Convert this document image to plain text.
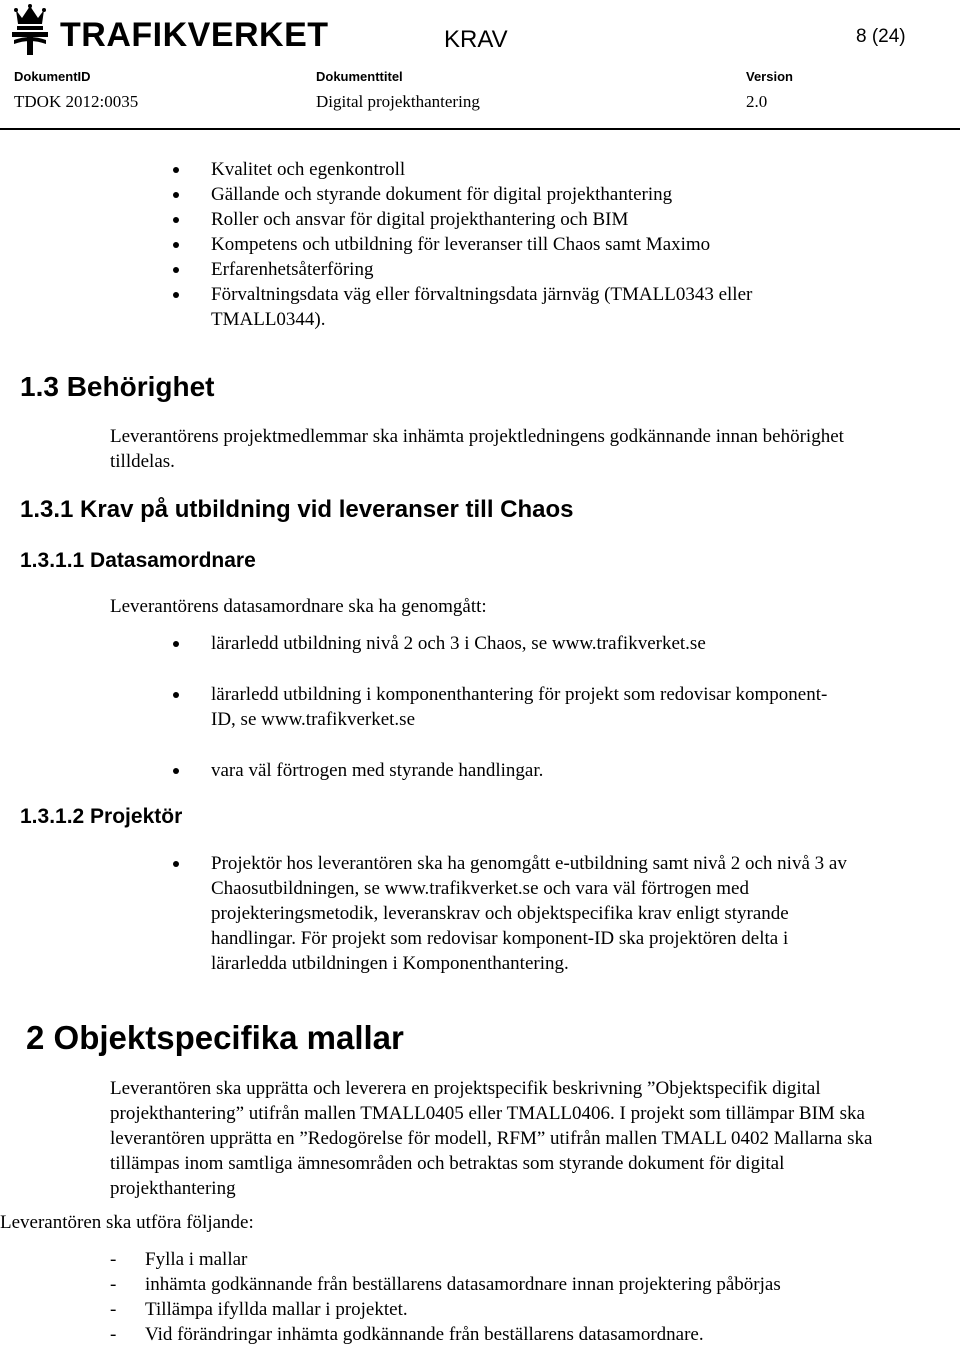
TRAFIKVERKET	KRAV	8 (24)
DokumentID	Dokumenttitel	Version
TDOK 2012:0035	Digital projekthantering	2.0
Kvalitet och egenkontroll
Gällande och styrande dokument för digital projekthantering
Roller och ansvar för digital projekthantering och BIM
Kompetens och utbildning för leveranser till Chaos samt Maximo
Erfarenhetsåterföring
Förvaltningsdata väg eller förvaltningsdata järnväg (TMALL0343 eller TMALL0344).
1.3 Behörighet
Leverantörens projektmedlemmar ska inhämta projektledningens godkännande innan behörighet tilldelas.
1.3.1 Krav på utbildning vid leveranser till Chaos
1.3.1.1 Datasamordnare
Leverantörens datasamordnare ska ha genomgått:
lärarledd utbildning nivå 2 och 3 i Chaos, se www.trafikverket.se
lärarledd utbildning i komponenthantering för projekt som redovisar komponent-ID, se www.trafikverket.se
vara väl förtrogen med styrande handlingar.
1.3.1.2 Projektör
Projektör hos leverantören ska ha genomgått e-utbildning samt nivå 2 och nivå 3 av Chaosutbildningen, se www.trafikverket.se och vara väl förtrogen med projekteringsmetodik, leveranskrav och objektspecifika krav enligt styrande handlingar. För projekt som redovisar komponent-ID ska projektören delta i lärarledda utbildningen i Komponenthantering.
2 Objektspecifika mallar
Leverantören ska upprätta och leverera en projektspecifik beskrivning ”Objektspecifik digital projekthantering” utifrån mallen TMALL0405 eller TMALL0406. I projekt som tillämpar BIM ska leverantören upprätta en ”Redogörelse för modell, RFM” utifrån mallen TMALL 0402 Mallarna ska tillämpas inom samtliga ämnesområden och betraktas som styrande dokument för digital projekthantering
Leverantören ska utföra följande:
- Fylla i mallar
- inhämta godkännande från beställarens datasamordnare innan projektering påbörjas
- Tillämpa ifyllda mallar i projektet.
- Vid förändringar inhämta godkännande från beställarens datasamordnare.
